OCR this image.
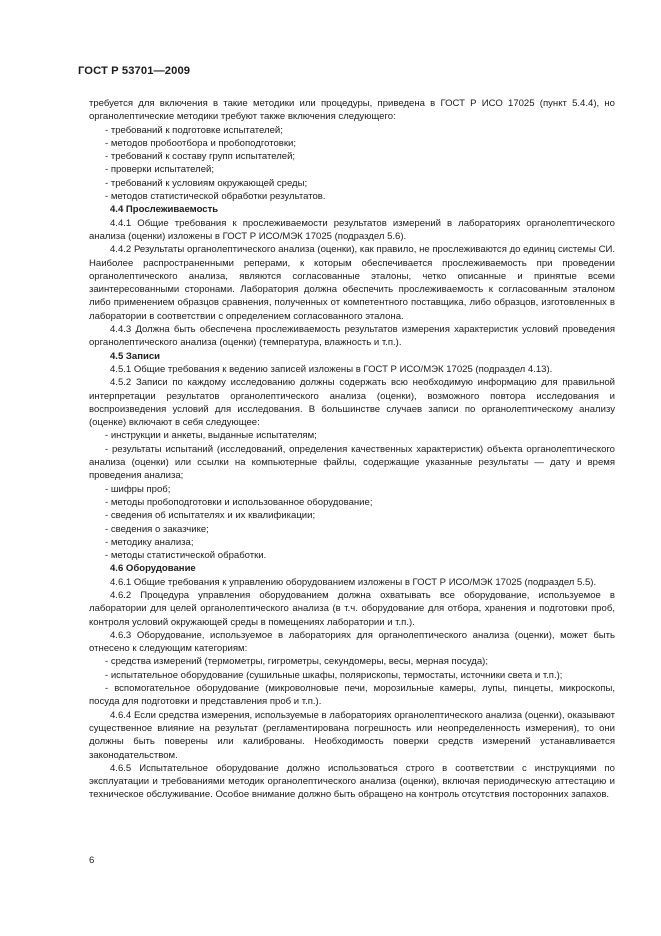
ГОСТ Р 53701—2009

требуется для включения в такие методики или процедуры, приведена в ГОСТ Р ИСО 17025 (пункт 5.4.4), но органолептические методики требуют также включения следующего:

- требований к подготовке испытателей;

- методов пробоотбора и пробоподготовки;

- требований к составу групп испытателей;

- проверки испытателей;

- требований к условиям окружающей среды;

- методов статистической обработки результатов.

4.4 Прослеживаемость

4.4.1 Общие требования к прослеживаемости результатов измерений в лабораториях органолептического анализа (оценки) изложены в ГОСТ Р ИСО/МЭК 17025 (подраздел 5.6).

4.4.2 Результаты органолептического анализа (оценки), как правило, не прослеживаются до единиц системы СИ. Наиболее распространенными реперами, к которым обеспечивается прослеживаемость при проведении органолептического анализа, являются согласованные эталоны, четко описанные и принятые всеми заинтересованными сторонами. Лаборатория должна обеспечить прослеживаемость к согласованным эталоном либо применением образцов сравнения, полученных от компетентного поставщика, либо образцов, изготовленных в лаборатории в соответствии с определением согласованного эталона.

4.4.3 Должна быть обеспечена прослеживаемость результатов измерения характеристик условий проведения органолептического анализа (оценки) (температура, влажность и т.п.).

4.5 Записи

4.5.1 Общие требования к ведению записей изложены в ГОСТ Р ИСО/МЭК 17025 (подраздел 4.13).

4.5.2 Записи по каждому исследованию должны содержать всю необходимую информацию для правильной интерпретации результатов органолептического анализа (оценки), возможного повтора исследования и воспроизведения условий для исследования. В большинстве случаев записи по органолептическому анализу (оценке) включают в себя следующее:

- инструкции и анкеты, выданные испытателям;

- результаты испытаний (исследований, определения качественных характеристик) объекта органолептического анализа (оценки) или ссылки на компьютерные файлы, содержащие указанные результаты — дату и время проведения анализа;

- шифры проб;

- методы пробоподготовки и использованное оборудование;

- сведения об испытателях и их квалификации;

- сведения о заказчике;

- методику анализа;

- методы статистической обработки.

4.6 Оборудование

4.6.1 Общие требования к управлению оборудованием изложены в ГОСТ Р ИСО/МЭК 17025 (подраздел 5.5).

4.6.2 Процедура управления оборудованием должна охватывать все оборудование, используемое в лаборатории для целей органолептического анализа (в т.ч. оборудование для отбора, хранения и подготовки проб, контроля условий окружающей среды в помещениях лаборатории и т.п.).

4.6.3 Оборудование, используемое в лабораториях для органолептического анализа (оценки), может быть отнесено к следующим категориям:

- средства измерений (термометры, гигрометры, секундомеры, весы, мерная посуда);

- испытательное оборудование (сушильные шкафы, полярископы, термостаты, источники света и т.п.);

- вспомогательное оборудование (микроволновые печи, морозильные камеры, лупы, пинцеты, микроскопы, посуда для подготовки и представления проб и т.п.).

4.6.4 Если средства измерения, используемые в лабораториях органолептического анализа (оценки), оказывают существенное влияние на результат (регламентирована погрешность или неопределенность измерения), то они должны быть поверены или калиброваны. Необходимость поверки средств измерений устанавливается законодательством.

4.6.5 Испытательное оборудование должно использоваться строго в соответствии с инструкциями по эксплуатации и требованиями методик органолептического анализа (оценки), включая периодическую аттестацию и техническое обслуживание. Особое внимание должно быть обращено на контроль отсутствия посторонних запахов.

6
